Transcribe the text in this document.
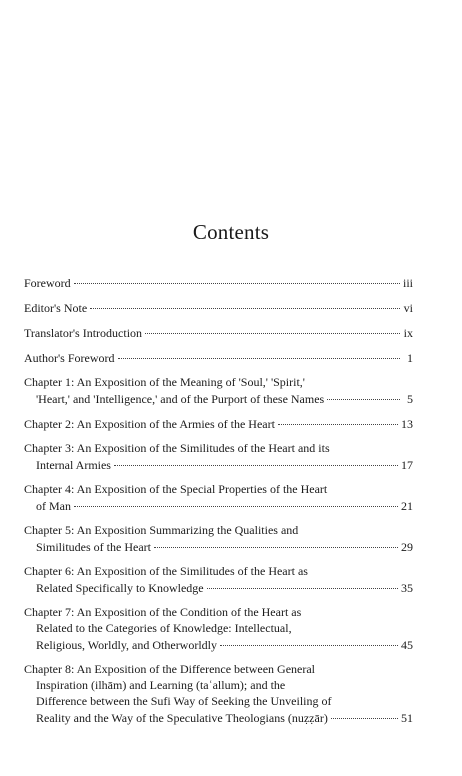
Contents
Foreword	iii
Editor's Note	vi
Translator's Introduction	ix
Author's Foreword	1
Chapter 1: An Exposition of the Meaning of 'Soul,' 'Spirit,'
'Heart,' and 'Intelligence,' and of the Purport of these Names	5
Chapter 2: An Exposition of the Armies of the Heart	13
Chapter 3: An Exposition of the Similitudes of the Heart and its
Internal Armies	17
Chapter 4: An Exposition of the Special Properties of the Heart
of Man	21
Chapter 5: An Exposition Summarizing the Qualities and
Similitudes of the Heart	29
Chapter 6: An Exposition of the Similitudes of the Heart as
Related Specifically to Knowledge	35
Chapter 7: An Exposition of the Condition of the Heart as
Related to the Categories of Knowledge: Intellectual,
Religious, Worldly, and Otherworldly	45
Chapter 8: An Exposition of the Difference between General
Inspiration (ilhām) and Learning (taʿallum); and the
Difference between the Sufi Way of Seeking the Unveiling of
Reality and the Way of the Speculative Theologians (nuẓẓār)	51
